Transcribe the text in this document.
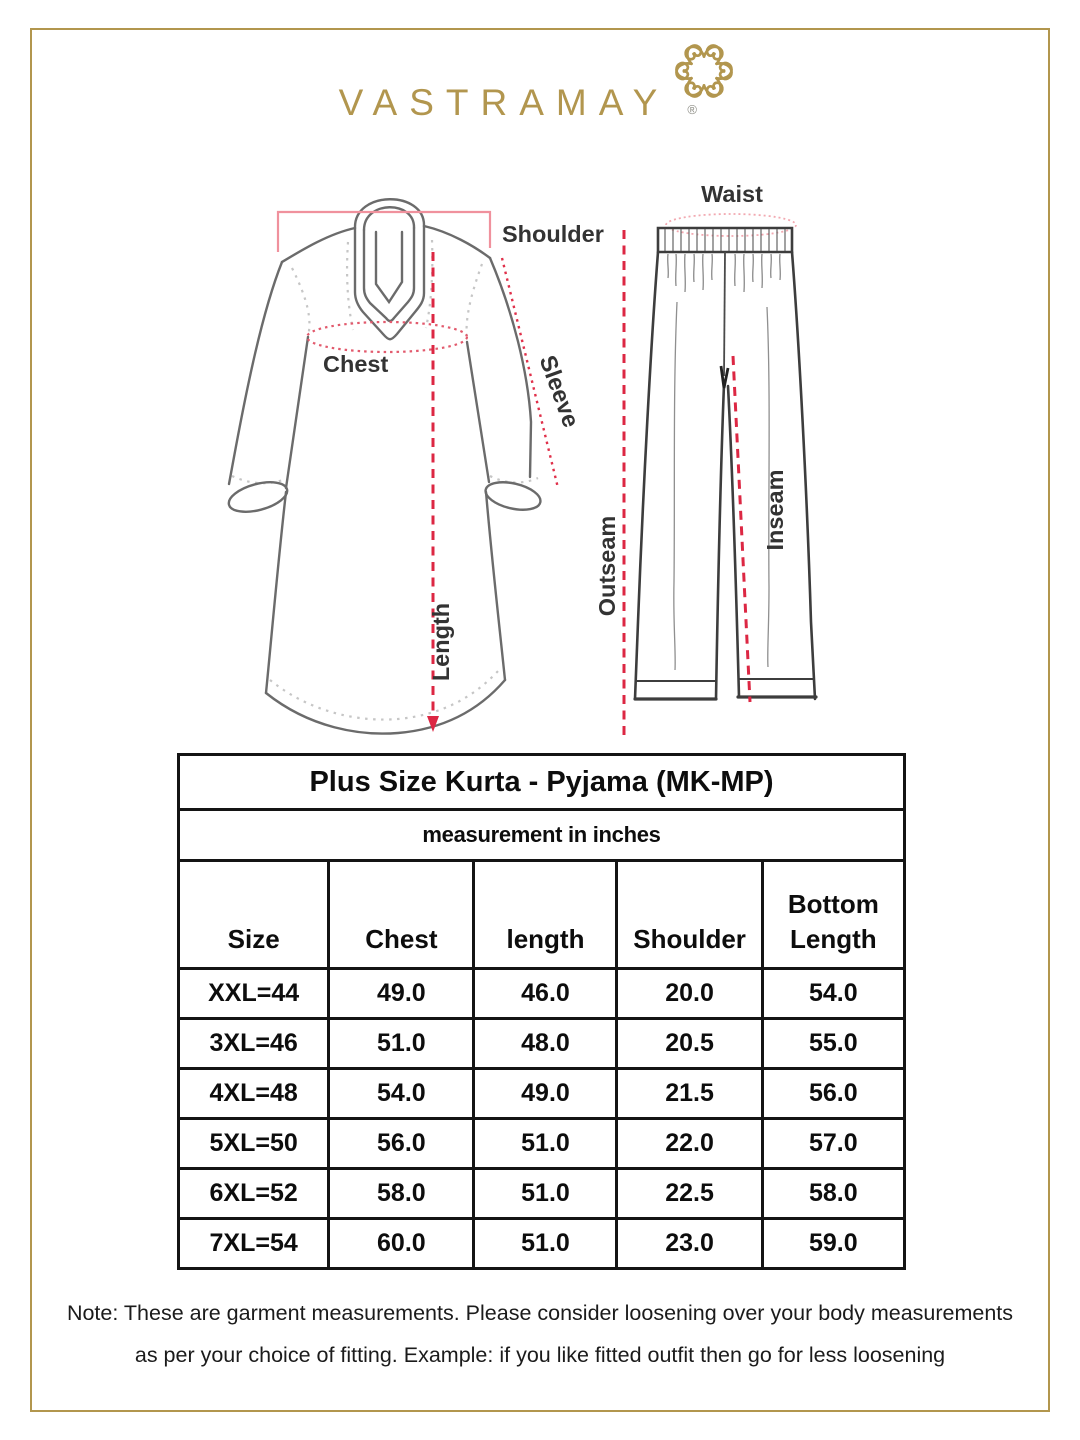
VASTRAMAY ®
Shoulder
Chest	Sleeve
Length
Waist
Outseam
Inseam
Plus Size Kurta - Pyjama (MK-MP)				
measurement in inches				
Size	Chest	length	Shoulder	Bottom Length
XXL=44	49.0	46.0	20.0	54.0
3XL=46	51.0	48.0	20.5	55.0
4XL=48	54.0	49.0	21.5	56.0
5XL=50	56.0	51.0	22.0	57.0
6XL=52	58.0	51.0	22.5	58.0
7XL=54	60.0	51.0	23.0	59.0
Note: These are garment measurements. Please consider loosening over your body measurements
as per your choice of fitting. Example: if you like fitted outfit then go for less loosening
